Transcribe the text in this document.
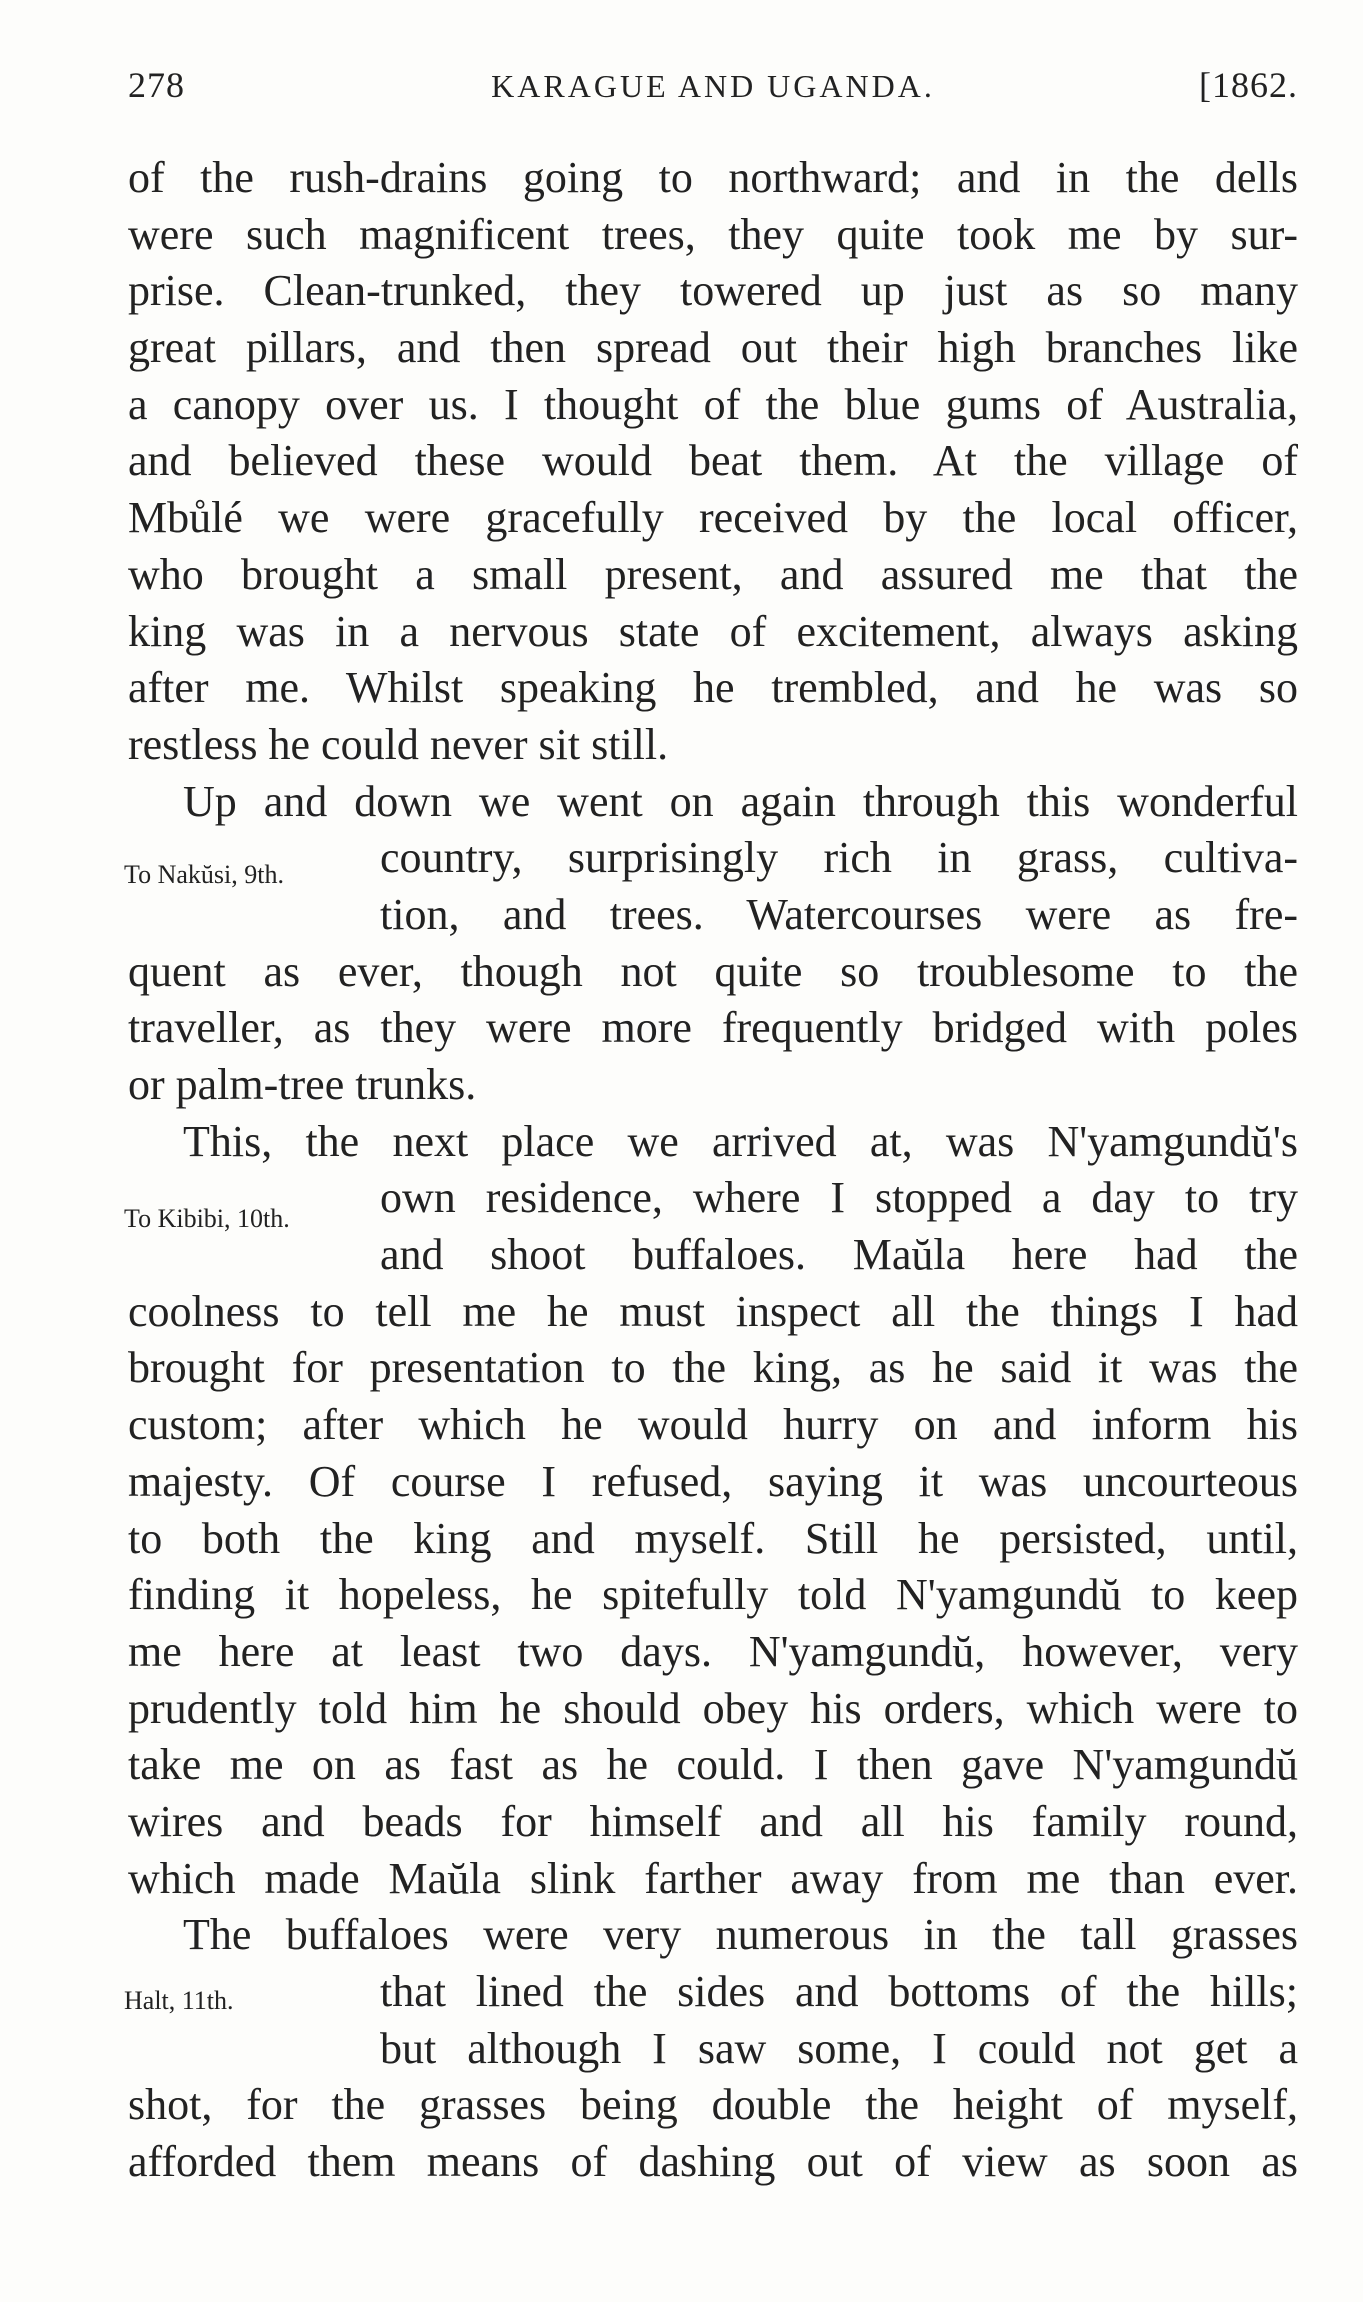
278	KARAGUE AND UGANDA.	[1862.
of the rush-drains going to northward; and in the dells
were such magnificent trees, they quite took me by sur-
prise. Clean-trunked, they towered up just as so many
great pillars, and then spread out their high branches like
a canopy over us. I thought of the blue gums of Australia,
and believed these would beat them. At the village of
Mbůlé we were gracefully received by the local officer,
who brought a small present, and assured me that the
king was in a nervous state of excitement, always asking
after me. Whilst speaking he trembled, and he was so
restless he could never sit still.
Up and down we went on again through this wonderful
To Nakŭsi, 9th. country, surprisingly rich in grass, cultiva-
tion, and trees. Watercourses were as fre-
quent as ever, though not quite so troublesome to the
traveller, as they were more frequently bridged with poles
or palm-tree trunks.
This, the next place we arrived at, was N'yamgundŭ's
To Kibibi, 10th. own residence, where I stopped a day to try
and shoot buffaloes. Maŭla here had the
coolness to tell me he must inspect all the things I had
brought for presentation to the king, as he said it was the
custom; after which he would hurry on and inform his
majesty. Of course I refused, saying it was uncourteous
to both the king and myself. Still he persisted, until,
finding it hopeless, he spitefully told N'yamgundŭ to keep
me here at least two days. N'yamgundŭ, however, very
prudently told him he should obey his orders, which were to
take me on as fast as he could. I then gave N'yamgundŭ
wires and beads for himself and all his family round,
which made Maŭla slink farther away from me than ever.
The buffaloes were very numerous in the tall grasses
Halt, 11th.	that lined the sides and bottoms of the hills;
but although I saw some, I could not get a
shot, for the grasses being double the height of myself,
afforded them means of dashing out of view as soon as
